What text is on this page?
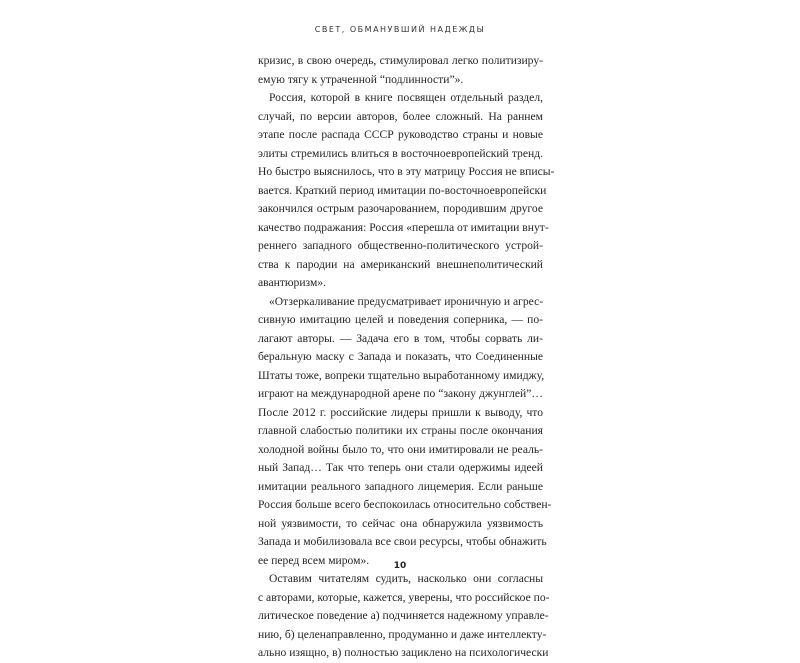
СВЕТ, ОБМАНУВШИЙ НАДЕЖДЫ
кризис, в свою очередь, стимулировал легко политизиру-
емую тягу к утраченной “подлинности”».
Россия, которой в книге посвящен отдельный раздел,
случай, по версии авторов, более сложный. На раннем
этапе после распада СССР руководство страны и новые
элиты стремились влиться в восточноевропейский тренд.
Но быстро выяснилось, что в эту матрицу Россия не вписы-
вается. Краткий период имитации по-восточноевропейски
закончился острым разочарованием, породившим другое
качество подражания: Россия «перешла от имитации внут-
реннего западного общественно-политического устрой-
ства к пародии на американский внешнеполитический
авантюризм».
«Отзеркаливание предусматривает ироничную и агрес-
сивную имитацию целей и поведения соперника, — по-
лагают авторы. — Задача его в том, чтобы сорвать ли-
беральную маску с Запада и показать, что Соединенные
Штаты тоже, вопреки тщательно выработанному имиджу,
играют на международной арене по “закону джунглей”…
После 2012 г. российские лидеры пришли к выводу, что
главной слабостью политики их страны после окончания
холодной войны было то, что они имитировали не реаль-
ный Запад… Так что теперь они стали одержимы идеей
имитации реального западного лицемерия. Если раньше
Россия больше всего беспокоилась относительно собствен-
ной уязвимости, то сейчас она обнаружила уязвимость
Запада и мобилизовала все свои ресурсы, чтобы обнажить
ее перед всем миром».
Оставим читателям судить, насколько они согласны
с авторами, которые, кажется, уверены, что российское по-
литическое поведение а) подчиняется надежному управле-
нию, б) целенаправленно, продуманно и даже интеллекту-
ально изящно, в) полностью зациклено на психологически
10
